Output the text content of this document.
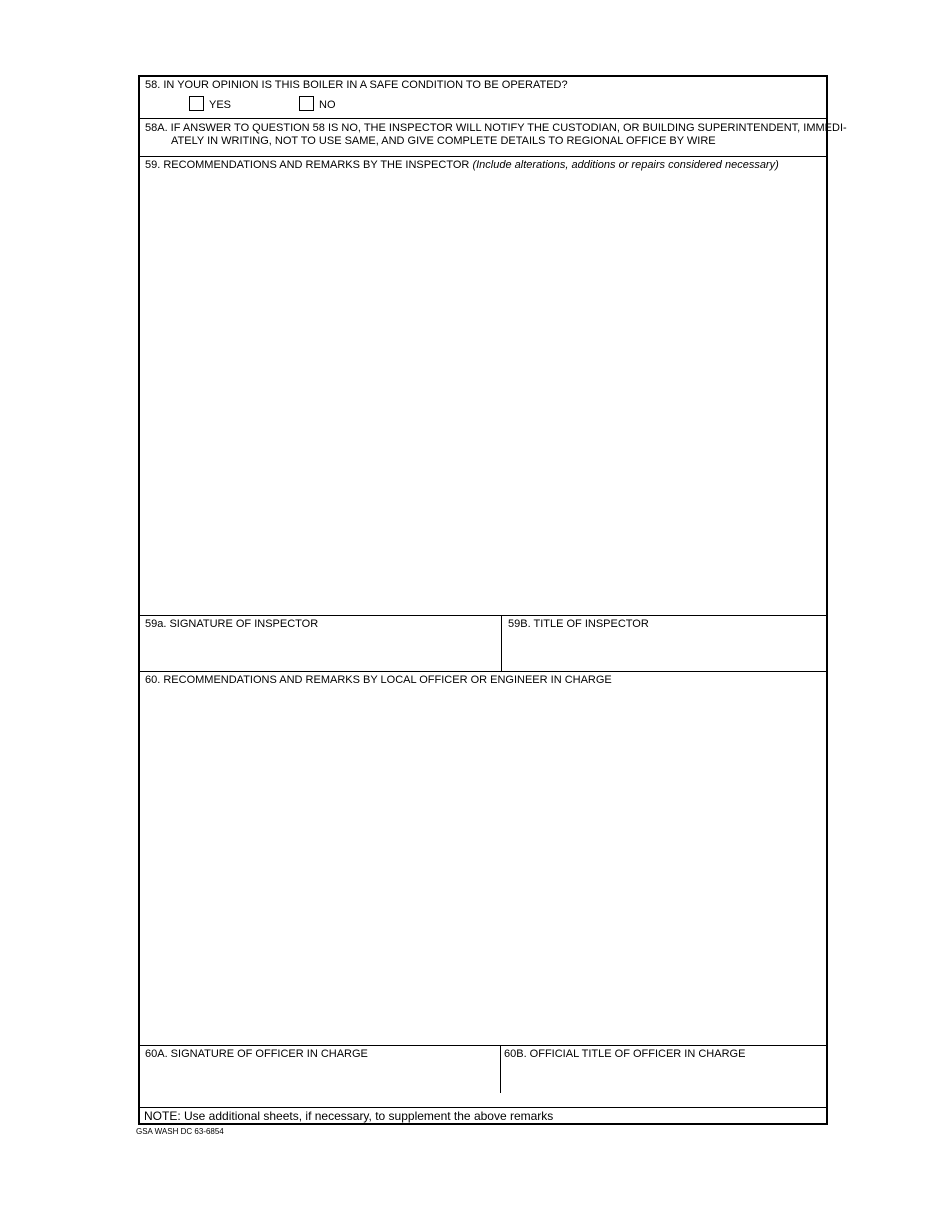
58. IN YOUR OPINION IS THIS BOILER IN A SAFE CONDITION TO BE OPERATED?
YES	NO
58A. IF ANSWER TO QUESTION 58 IS NO, THE INSPECTOR WILL NOTIFY THE CUSTODIAN, OR BUILDING SUPERINTENDENT, IMMEDI-
ATELY IN WRITING, NOT TO USE SAME, AND GIVE COMPLETE DETAILS TO REGIONAL OFFICE BY WIRE
59. RECOMMENDATIONS AND REMARKS BY THE INSPECTOR (Include alterations, additions or repairs considered necessary)
59a. SIGNATURE OF INSPECTOR	59B. TITLE OF INSPECTOR
60. RECOMMENDATIONS AND REMARKS BY LOCAL OFFICER OR ENGINEER IN CHARGE
60A. SIGNATURE OF OFFICER IN CHARGE	60B. OFFICIAL TITLE OF OFFICER IN CHARGE
NOTE: Use additional sheets, if necessary, to supplement the above remarks
GSA WASH DC 63-6854
